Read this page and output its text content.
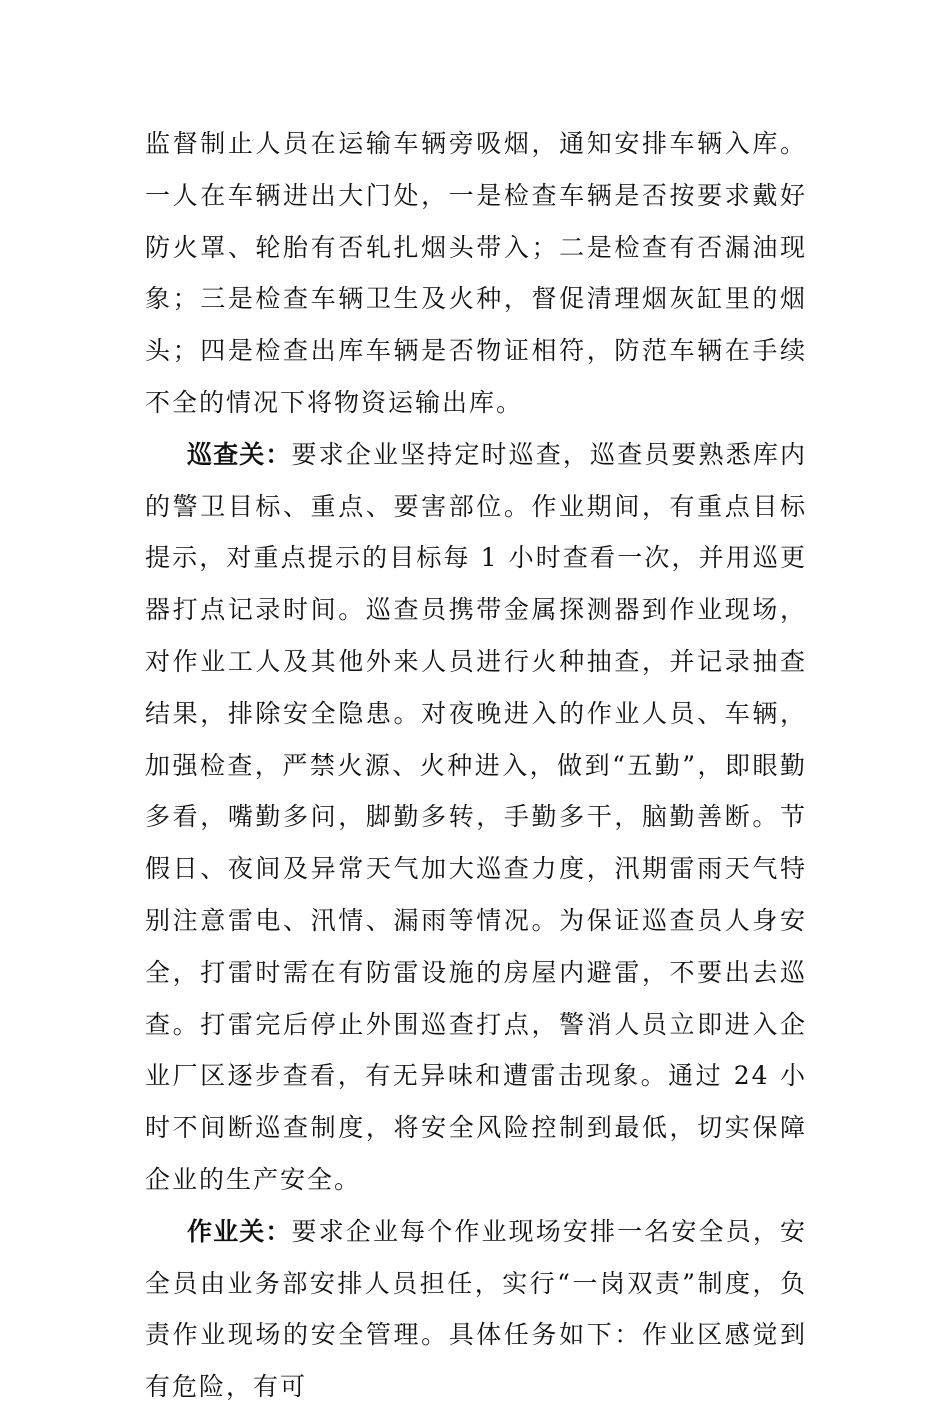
监督制止人员在运输车辆旁吸烟，通知安排车辆入库。一人在车辆进出大门处，一是检查车辆是否按要求戴好防火罩、轮胎有否轧扎烟头带入；二是检查有否漏油现象；三是检查车辆卫生及火种，督促清理烟灰缸里的烟头；四是检查出库车辆是否物证相符，防范车辆在手续不全的情况下将物资运输出库。

巡查关：要求企业坚持定时巡查，巡查员要熟悉库内的警卫目标、重点、要害部位。作业期间，有重点目标提示，对重点提示的目标每 1 小时查看一次，并用巡更器打点记录时间。巡查员携带金属探测器到作业现场，对作业工人及其他外来人员进行火种抽查，并记录抽查结果，排除安全隐患。对夜晚进入的作业人员、车辆，加强检查，严禁火源、火种进入，做到“五勤”，即眼勤多看，嘴勤多问，脚勤多转，手勤多干，脑勤善断。节假日、夜间及异常天气加大巡查力度，汛期雷雨天气特别注意雷电、汛情、漏雨等情况。为保证巡查员人身安全，打雷时需在有防雷设施的房屋内避雷，不要出去巡查。打雷完后停止外围巡查打点，警消人员立即进入企业厂区逐步查看，有无异味和遭雷击现象。通过 24 小时不间断巡查制度，将安全风险控制到最低，切实保障企业的生产安全。

作业关：要求企业每个作业现场安排一名安全员，安全员由业务部安排人员担任，实行“一岗双责”制度，负责作业现场的安全管理。具体任务如下：作业区感觉到有危险，有可
